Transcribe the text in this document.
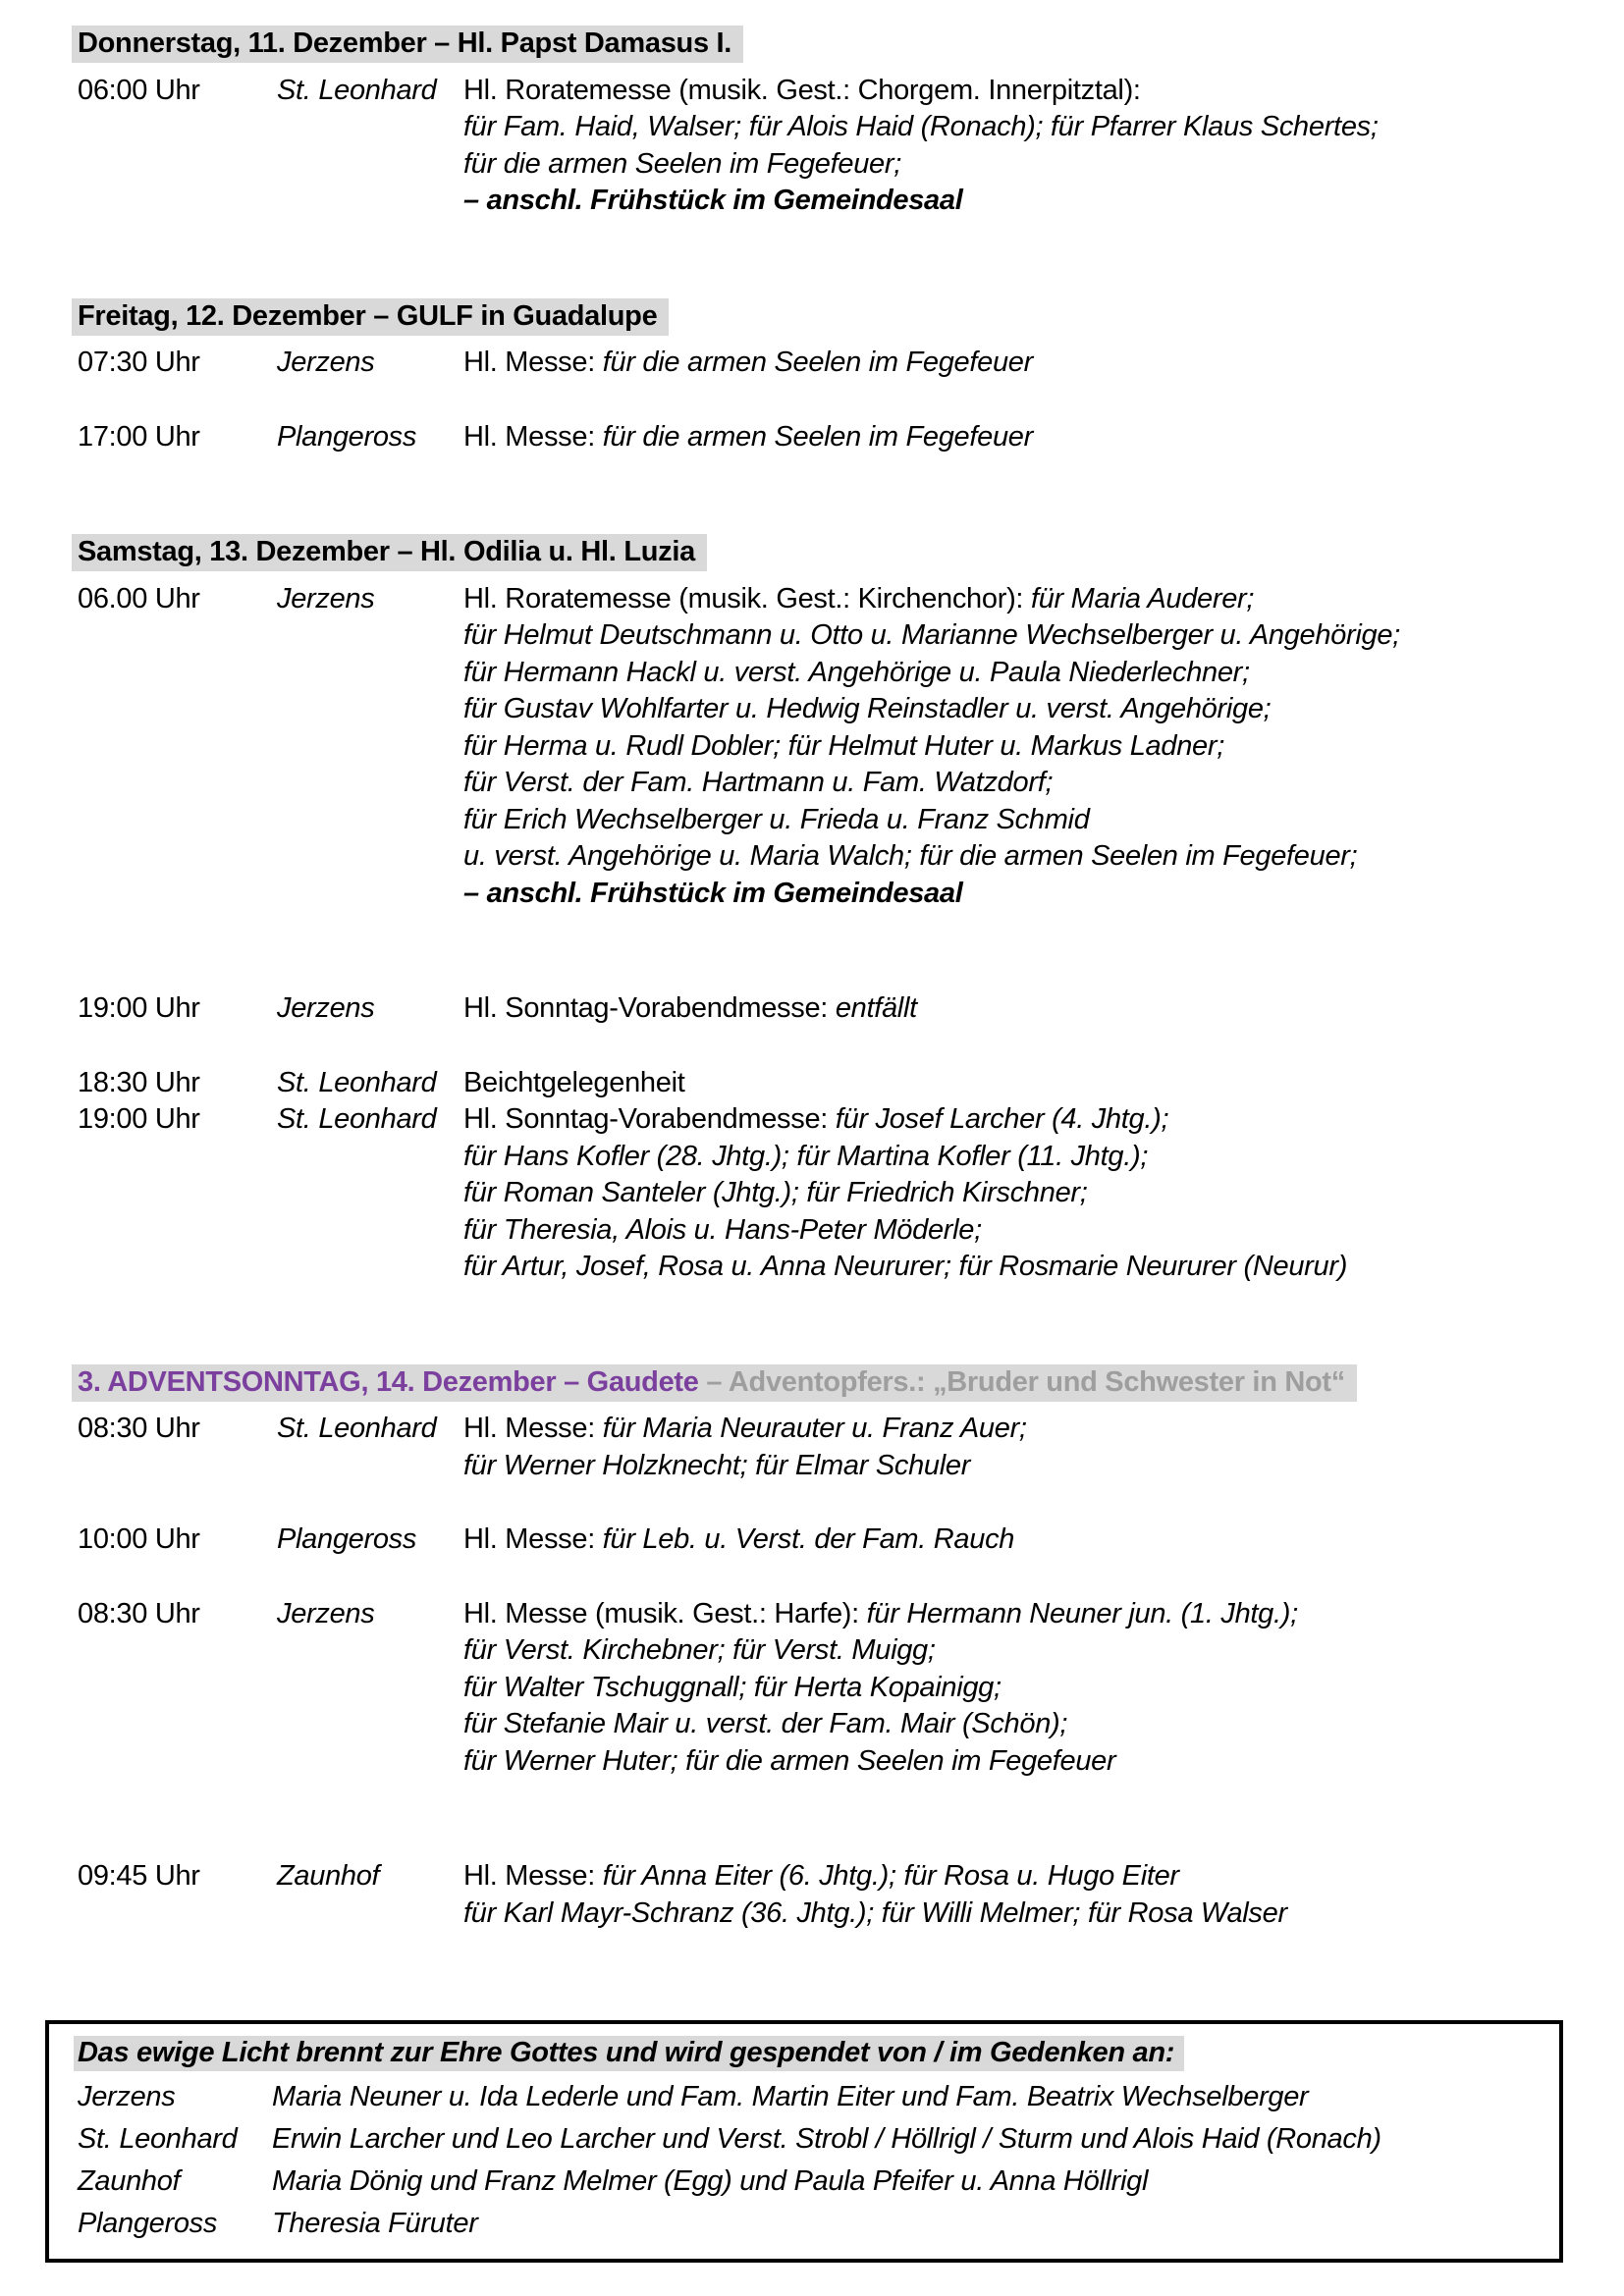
Donnerstag, 11. Dezember – Hl. Papst Damasus I.
06:00 Uhr	St. Leonhard Hl. Roratemesse (musik. Gest.: Chorgem. Innerpitztal):
für Fam. Haid, Walser; für Alois Haid (Ronach); für Pfarrer Klaus Schertes;
für die armen Seelen im Fegefeuer;
– anschl. Frühstück im Gemeindesaal
Freitag, 12. Dezember – GULF in Guadalupe
07:30 Uhr	Jerzens	Hl. Messe: für die armen Seelen im Fegefeuer
17:00 Uhr	Plangeross	Hl. Messe: für die armen Seelen im Fegefeuer
Samstag, 13. Dezember – Hl. Odilia u. Hl. Luzia
06.00 Uhr	Jerzens	Hl. Roratemesse (musik. Gest.: Kirchenchor): für Maria Auderer;
für Helmut Deutschmann u. Otto u. Marianne Wechselberger u. Angehörige;
für Hermann Hackl u. verst. Angehörige u. Paula Niederlechner;
für Gustav Wohlfarter u. Hedwig Reinstadler u. verst. Angehörige;
für Herma u. Rudl Dobler; für Helmut Huter u. Markus Ladner;
für Verst. der Fam. Hartmann u. Fam. Watzdorf;
für Erich Wechselberger u. Frieda u. Franz Schmid
u. verst. Angehörige u. Maria Walch; für die armen Seelen im Fegefeuer;
– anschl. Frühstück im Gemeindesaal
19:00 Uhr	Jerzens	Hl. Sonntag-Vorabendmesse: entfällt
18:30 Uhr	St. Leonhard Beichtgelegenheit
19:00 Uhr	St. Leonhard Hl. Sonntag-Vorabendmesse: für Josef Larcher (4. Jhtg.);
für Hans Kofler (28. Jhtg.); für Martina Kofler (11. Jhtg.);
für Roman Santeler (Jhtg.); für Friedrich Kirschner;
für Theresia, Alois u. Hans-Peter Möderle;
für Artur, Josef, Rosa u. Anna Neururer; für Rosmarie Neururer (Neurur)
3. ADVENTSONNTAG, 14. Dezember – Gaudete – Adventopfers.: „Bruder und Schwester in Not“
08:30 Uhr	St. Leonhard Hl. Messe: für Maria Neurauter u. Franz Auer;
für Werner Holzknecht; für Elmar Schuler
10:00 Uhr	Plangeross	Hl. Messe: für Leb. u. Verst. der Fam. Rauch
08:30 Uhr	Jerzens	Hl. Messe (musik. Gest.: Harfe): für Hermann Neuner jun. (1. Jhtg.);
für Verst. Kirchebner; für Verst. Muigg;
für Walter Tschuggnall; für Herta Kopainigg;
für Stefanie Mair u. verst. der Fam. Mair (Schön);
für Werner Huter; für die armen Seelen im Fegefeuer
09:45 Uhr	Zaunhof	Hl. Messe: für Anna Eiter (6. Jhtg.); für Rosa u. Hugo Eiter
für Karl Mayr-Schranz (36. Jhtg.); für Willi Melmer; für Rosa Walser
Das ewige Licht brennt zur Ehre Gottes und wird gespendet von / im Gedenken an:
Jerzens	Maria Neuner u. Ida Lederle und Fam. Martin Eiter und Fam. Beatrix Wechselberger
St. Leonhard	Erwin Larcher und Leo Larcher und Verst. Strobl / Höllrigl / Sturm und Alois Haid (Ronach)
Zaunhof	Maria Dönig und Franz Melmer (Egg) und Paula Pfeifer u. Anna Höllrigl
Plangeross	Theresia Füruter
